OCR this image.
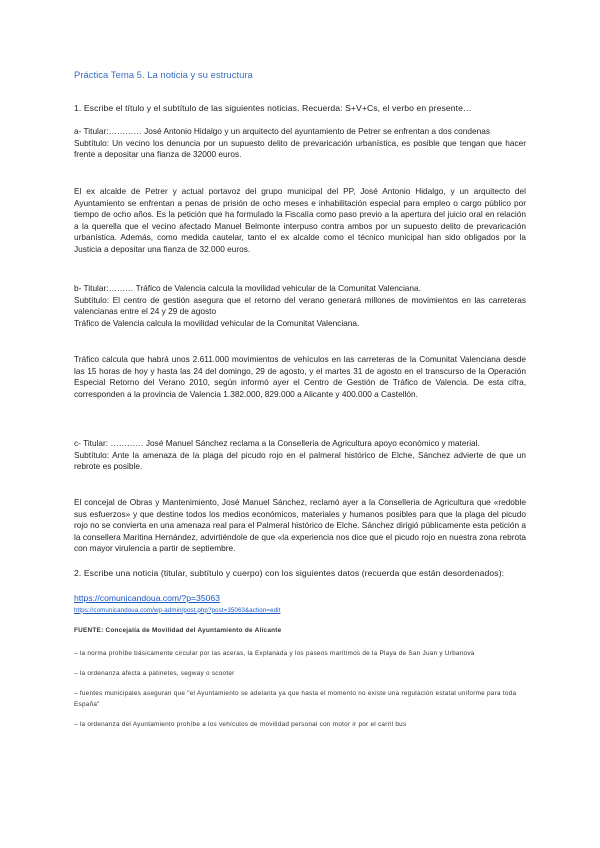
Práctica Tema 5. La noticia y su estructura
1. Escribe el título y el subtítulo de las siguientes noticias. Recuerda: S+V+Cs, el verbo en presente…

a- Titular:………… José Antonio Hidalgo y un arquitecto del ayuntamiento de Petrer se enfrentan a dos condenas

Subtítulo: Un vecino los denuncia por un supuesto delito de prevaricación urbanística, es posible que tengan que hacer frente a depositar una fianza de 32000 euros.

El ex alcalde de Petrer y actual portavoz del grupo municipal del PP, José Antonio Hidalgo, y un arquitecto del Ayuntamiento se enfrentan a penas de prisión de ocho meses e inhabilitación especial para empleo o cargo público por tiempo de ocho años. Es la petición que ha formulado la Fiscalía como paso previo a la apertura del juicio oral en relación a la querella que el vecino afectado Manuel Belmonte interpuso contra ambos por un supuesto delito de prevaricación urbanística. Además, como medida cautelar, tanto el ex alcalde como el técnico municipal han sido obligados por la Justicia a depositar una fianza de 32.000 euros.

b- Titular:……… Tráfico de Valencia calcula la movilidad vehicular de la Comunitat Valenciana.

Subtítulo: El centro de gestión asegura que el retorno del verano generará millones de movimientos en las carreteras valencianas entre el 24 y 29 de agosto

Tráfico de Valencia calcula la movilidad vehicular de la Comunitat Valenciana.

Tráfico calcula que habrá unos 2.611.000 movimientos de vehículos en las carreteras de la Comunitat Valenciana desde las 15 horas de hoy y hasta las 24 del domingo, 29 de agosto, y el martes 31 de agosto en el transcurso de la Operación Especial Retorno del Verano 2010, según informó ayer el Centro de Gestión de Tráfico de Valencia. De esta cifra, corresponden a la provincia de Valencia 1.382.000, 829.000 a Alicante y 400.000 a Castellón.

c- Titular: ………… José Manuel Sánchez reclama a la Conselleria de Agricultura apoyo económico y material.

Subtítulo: Ante la amenaza de la plaga del picudo rojo en el palmeral histórico de Elche, Sánchez advierte de que un rebrote es posible.

El concejal de Obras y Mantenimiento, José Manuel Sánchez, reclamó ayer a la Conselleria de Agricultura que «redoble sus esfuerzos» y que destine todos los medios económicos, materiales y humanos posibles para que la plaga del picudo rojo no se convierta en una amenaza real para el Palmeral histórico de Elche. Sánchez dirigió públicamente esta petición a la consellera Maritina Hernández, advirtiéndole de que «la experiencia nos dice que el picudo rojo en nuestra zona rebrota con mayor virulencia a partir de septiembre.
2. Escribe una noticia (titular, subtítulo y cuerpo) con los siguientes datos (recuerda que están desordenados):
https://comunicandoua.com/?p=35063
https://comunicandoua.com/wp-admin/post.php?post=35063&action=edit
FUENTE: Concejalía de Movilidad del Ayuntamiento de Alicante

– la norma prohíbe básicamente circular por las aceras, la Explanada y los paseos marítimos de la Playa de San Juan y Urbanova

– la ordenanza afecta a patinetes, segway o scooter

– fuentes municipales aseguran que "el Ayuntamiento se adelanta ya que hasta el momento no existe una regulación estatal uniforme para toda España"

– la ordenanza del Ayuntamiento prohíbe a los vehículos de movilidad personal con motor ir por el carril bus
